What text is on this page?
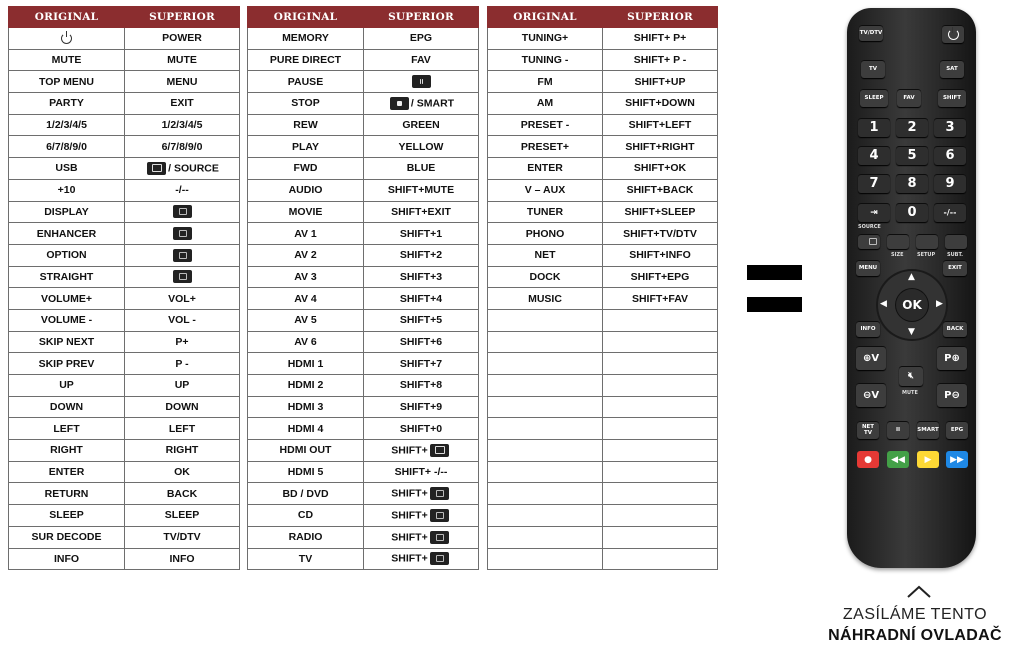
ORIGINAL	SUPERIOR
	POWER
MUTE	MUTE
TOP MENU	MENU
PARTY	EXIT
1/2/3/4/5	1/2/3/4/5
6/7/8/9/0	6/7/8/9/0
USB	/ SOURCE
+10	-/--
DISPLAY	
ENHANCER	
OPTION	
STRAIGHT	
VOLUME+	VOL+
VOLUME -	VOL -
SKIP NEXT	P+
SKIP PREV	P -
UP	UP
DOWN	DOWN
LEFT	LEFT
RIGHT	RIGHT
ENTER	OK
RETURN	BACK
SLEEP	SLEEP
SUR DECODE	TV/DTV
INFO	INFO
ORIGINAL	SUPERIOR
MEMORY	EPG
PURE DIRECT	FAV
PAUSE	
STOP	/ SMART
REW	GREEN
PLAY	YELLOW
FWD	BLUE
AUDIO	SHIFT+MUTE
MOVIE	SHIFT+EXIT
AV 1	SHIFT+1
AV 2	SHIFT+2
AV 3	SHIFT+3
AV 4	SHIFT+4
AV 5	SHIFT+5
AV 6	SHIFT+6
HDMI 1	SHIFT+7
HDMI 2	SHIFT+8
HDMI 3	SHIFT+9
HDMI 4	SHIFT+0
HDMI OUT	SHIFT+
HDMI 5	SHIFT+ -/--
BD / DVD	SHIFT+
CD	SHIFT+
RADIO	SHIFT+
TV	SHIFT+
ORIGINAL	SUPERIOR
TUNING+	SHIFT+ P+
TUNING -	SHIFT+ P -
FM	SHIFT+UP
AM	SHIFT+DOWN
PRESET -	SHIFT+LEFT
PRESET+	SHIFT+RIGHT
ENTER	SHIFT+OK
V – AUX	SHIFT+BACK
TUNER	SHIFT+SLEEP
PHONO	SHIFT+TV/DTV
NET	SHIFT+INFO
DOCK	SHIFT+EPG
MUSIC	SHIFT+FAV

TV/DTV
TV	SAT
SLEEP	FAV	SHIFT
⇥	0	-/--
SOURCE
SIZE	SETUP SUBT.
MENU	EXIT
▲
▼
◀	▶
OK
INFO	BACK
⊕V	P⊕
🔇︎
MUTE
⊖V	P⊖
NET TV	II	SMART	EPG
●	◀◀	▶	▶▶
1	2	3
4	5	6
7	8	9
ZASÍLÁME TENTO
NÁHRADNÍ OVLADAČ
